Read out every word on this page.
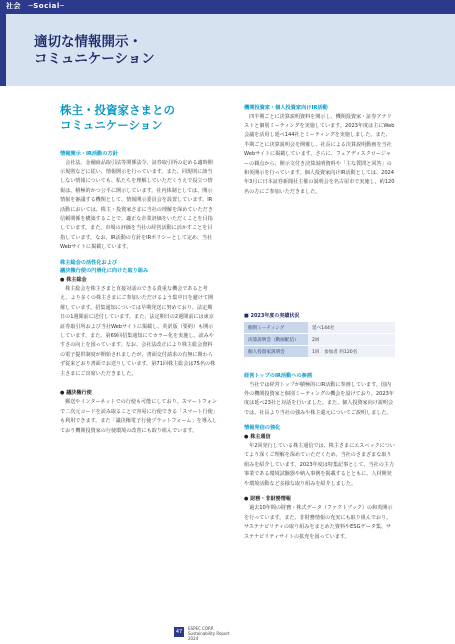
社会　─Social─
適切な情報開示・
コミュニケーション
株主・投資家さまとの
コミュニケーション
情報開示・IR活動の方針

会社法、金融商品取引法等関係法令、証券取引所の定める適時開示規則などに従い、情報開示を行っています。また、同規則に該当しない情報についても、私たちを理解していただくうえで役立つ情報は、積極的かつ公平に開示しています。社内体制としては、開示情報を審議する機関として、情報開示委員会を設置しています。IR活動においては、株主・投資家さまに当社の理解を深めていただき信頼関係を構築することで、適正な企業評価をいただくことを目指しています。また、市場の評価を当社の経営活動に活かすことを目指しています。なお、IR活動の方針をIRポリシーとして定め、当社Webサイトに掲載しています。

株主総会の活性化および
議決権行使の円滑化に向けた取り組み
● 株主総会

株主総会を株主さまと直接対話のできる貴重な機会であると考え、より多くの株主さまにご参加いただけるよう集中日を避けて開催しています。招集通知については早期発送に努めており、法定期日の1週間前に送付しています。また、法定期日の2週間前には東京証券取引所および当社Webサイトに掲載し、英訳版（要約）も開示しています。また、第69回招集通知にてカラー化を実施し、読みやすさの向上を図っています。なお、会社法改正により株主総会資料の電子提供制度が開始されましたが、書面交付請求の有無に関わらず従来どおり書面でお送りしています。第71回株主総会は75名の株主さまにご出席いただきました。

● 議決権行使

郵送やインターネットでの行使も可能にしており、スマートフォンで二次元コードを読み取ることで容易に行使できる「スマート行使」も利用できます。また「議決権電子行使プラットフォーム」を導入しており機関投資家の行使環境の改善にも取り組んでいます。

機関投資家・個人投資家向けIR活動

四半期ごとに決算説明資料を開示し、機関投資家・証券アナリストと個別ミーティングを実施しています。2023年度は主にWeb会議を活用し延べ144社とミーティングを実施しました。また、半期ごとに決算説明会を開催し、社長による決算説明動画を当社Webサイトに掲載しています。さらに、フェアディスクロージャーの観点から、開示文付き決算説明資料や「主な質問と回答」の和英開示を行っています。個人投資家向けIR活動としては、2024年3月に日本証券新聞社主催の説明会を名古屋市で実施し、約120名の方にご参加いただきました。

■ 2023年度の実績状況
個別ミーティング	延べ144社
決算説明会（動画配信）	2回
個人投資家説明会	1回　参加者 約120名
経営トップのIR活動への参画

当社では経営トップが積極的にIR活動に参画しています。国内外の機関投資家と個別ミーティングの機会を設けており、2023年度は延べ23社と対話を行いました。また、個人投資家向け説明会では、社長より当社の強みや株主還元についてご説明しました。

情報発信の強化
● 株主通信

年2回発行している株主通信では、株主さまにエスペックについてより深くご理解を深めていただくため、当社のさまざまな取り組みを紹介しています。2023年度は特集記事として、当社の主力事業である環境試験器や納入事例を掲載するとともに、人材開発や環境活動など多様な取り組みを紹介しました。

● 財務・非財務情報

過去10年間の財務・株式データ（ファクトブック）の和英開示を行っています。また、非財務情報の充実にも取り組んでおり、サステナビリティの取り組みをまとめた資料やESGデータ集、サステナビリティサイトの拡充を図っています。

47
ESPEC CORP.
Sustainability Report
2024
